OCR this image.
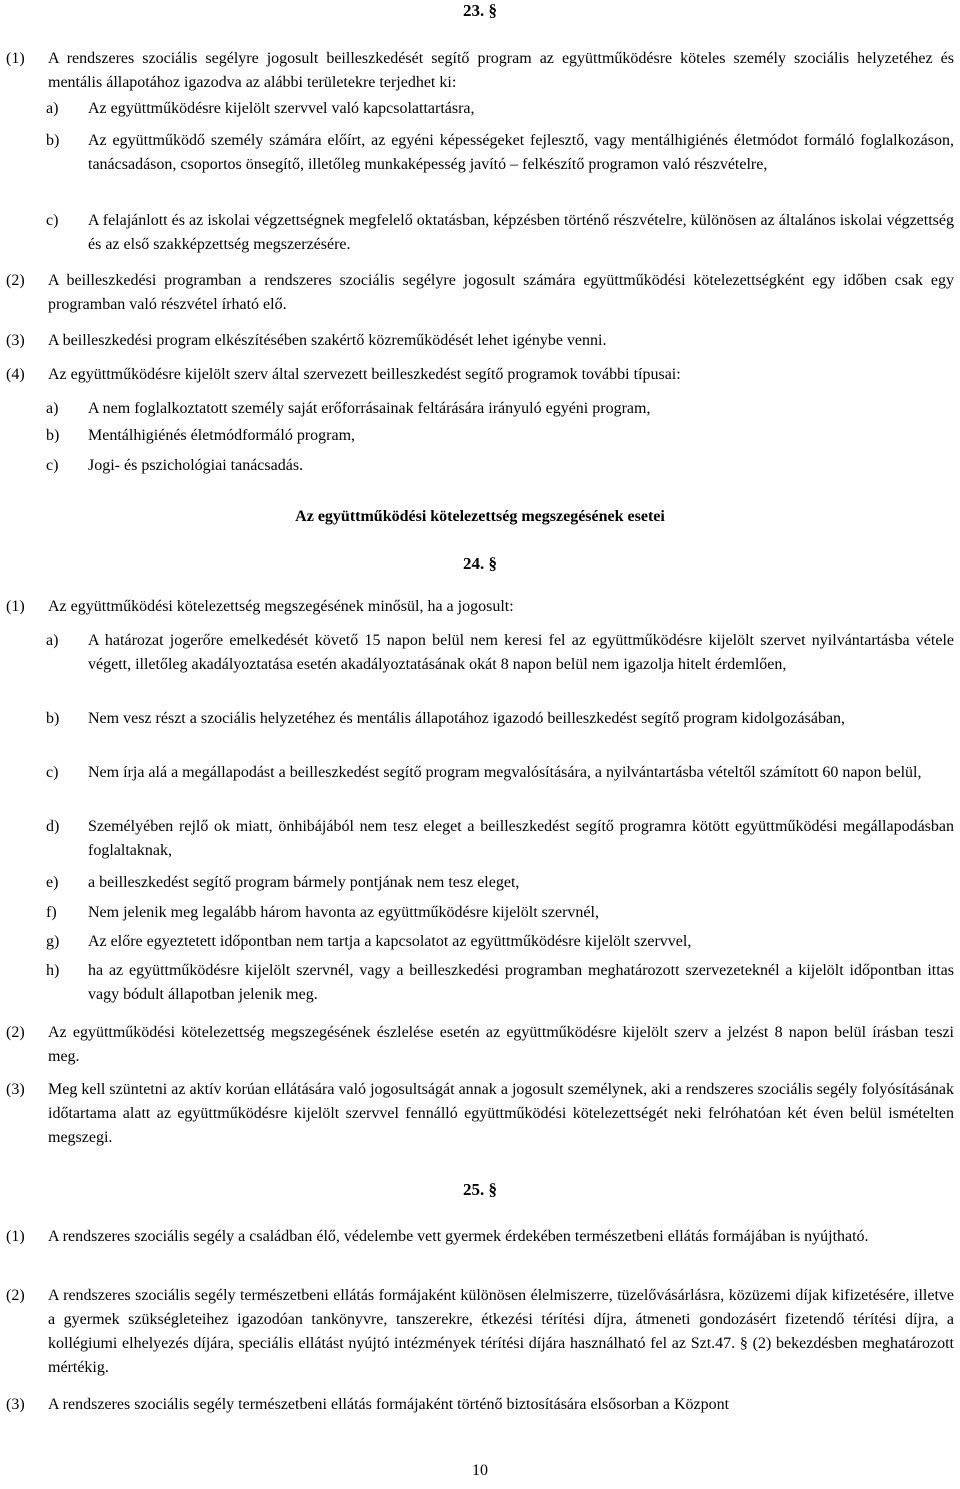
23. §
(1) A rendszeres szociális segélyre jogosult beilleszkedését segítő program az együttműködésre köteles személy szociális helyzetéhez és mentális állapotához igazodva az alábbi területekre terjedhet ki:
a) Az együttműködésre kijelölt szervvel való kapcsolattartásra,
b) Az együttműködő személy számára előírt, az egyéni képességeket fejlesztő, vagy mentálhigiénés életmódot formáló foglalkozáson, tanácsadáson, csoportos önsegítő, illetőleg munkaképesség javító – felkészítő programon való részvételre,
c) A felajánlott és az iskolai végzettségnek megfelelő oktatásban, képzésben történő részvételre, különösen az általános iskolai végzettség és az első szakképzettség megszerzésére.
(2) A beilleszkedési programban a rendszeres szociális segélyre jogosult számára együttműködési kötelezettségként egy időben csak egy programban való részvétel írható elő.
(3) A beilleszkedési program elkészítésében szakértő közreműködését lehet igénybe venni.
(4) Az együttműködésre kijelölt szerv által szervezett beilleszkedést segítő programok további típusai:
a) A nem foglalkoztatott személy saját erőforrásainak feltárására irányuló egyéni program,
b) Mentálhigiénés életmódformáló program,
c) Jogi- és pszichológiai tanácsadás.
Az együttműködési kötelezettség megszegésének esetei
24. §
(1) Az együttműködési kötelezettség megszegésének minősül, ha a jogosult:
a) A határozat jogerőre emelkedését követő 15 napon belül nem keresi fel az együttműködésre kijelölt szervet nyilvántartásba vétele végett, illetőleg akadályoztatása esetén akadályoztatásának okát 8 napon belül nem igazolja hitelt érdemlően,
b) Nem vesz részt a szociális helyzetéhez és mentális állapotához igazodó beilleszkedést segítő program kidolgozásában,
c) Nem írja alá a megállapodást a beilleszkedést segítő program megvalósítására, a nyilvántartásba vételtől számított 60 napon belül,
d) Személyében rejlő ok miatt, önhibájából nem tesz eleget a beilleszkedést segítő programra kötött együttműködési megállapodásban foglaltaknak,
e) a beilleszkedést segítő program bármely pontjának nem tesz eleget,
f) Nem jelenik meg legalább három havonta az együttműködésre kijelölt szervnél,
g) Az előre egyeztetett időpontban nem tartja a kapcsolatot az együttműködésre kijelölt szervvel,
h) ha az együttműködésre kijelölt szervnél, vagy a beilleszkedési programban meghatározott szervezeteknél a kijelölt időpontban ittas vagy bódult állapotban jelenik meg.
(2) Az együttműködési kötelezettség megszegésének észlelése esetén az együttműködésre kijelölt szerv a jelzést 8 napon belül írásban teszi meg.
(3) Meg kell szüntetni az aktív korúan ellátására való jogosultságát annak a jogosult személynek, aki a rendszeres szociális segély folyósításának időtartama alatt az együttműködésre kijelölt szervvel fennálló együttműködési kötelezettségét neki felróhatóan két éven belül ismételten megszegi.
25. §
(1) A rendszeres szociális segély a családban élő, védelembe vett gyermek érdekében természetbeni ellátás formájában is nyújtható.
(2) A rendszeres szociális segély természetbeni ellátás formájaként különösen élelmiszerre, tüzelővásárlásra, közüzemi díjak kifizetésére, illetve a gyermek szükségleteihez igazodóan tankönyvre, tanszerekre, étkezési térítési díjra, átmeneti gondozásért fizetendő térítési díjra, a kollégiumi elhelyezés díjára, speciális ellátást nyújtó intézmények térítési díjára használható fel az Szt.47. § (2) bekezdésben meghatározott mértékig.
(3) A rendszeres szociális segély természetbeni ellátás formájaként történő biztosítására elsősorban a Központ
10
